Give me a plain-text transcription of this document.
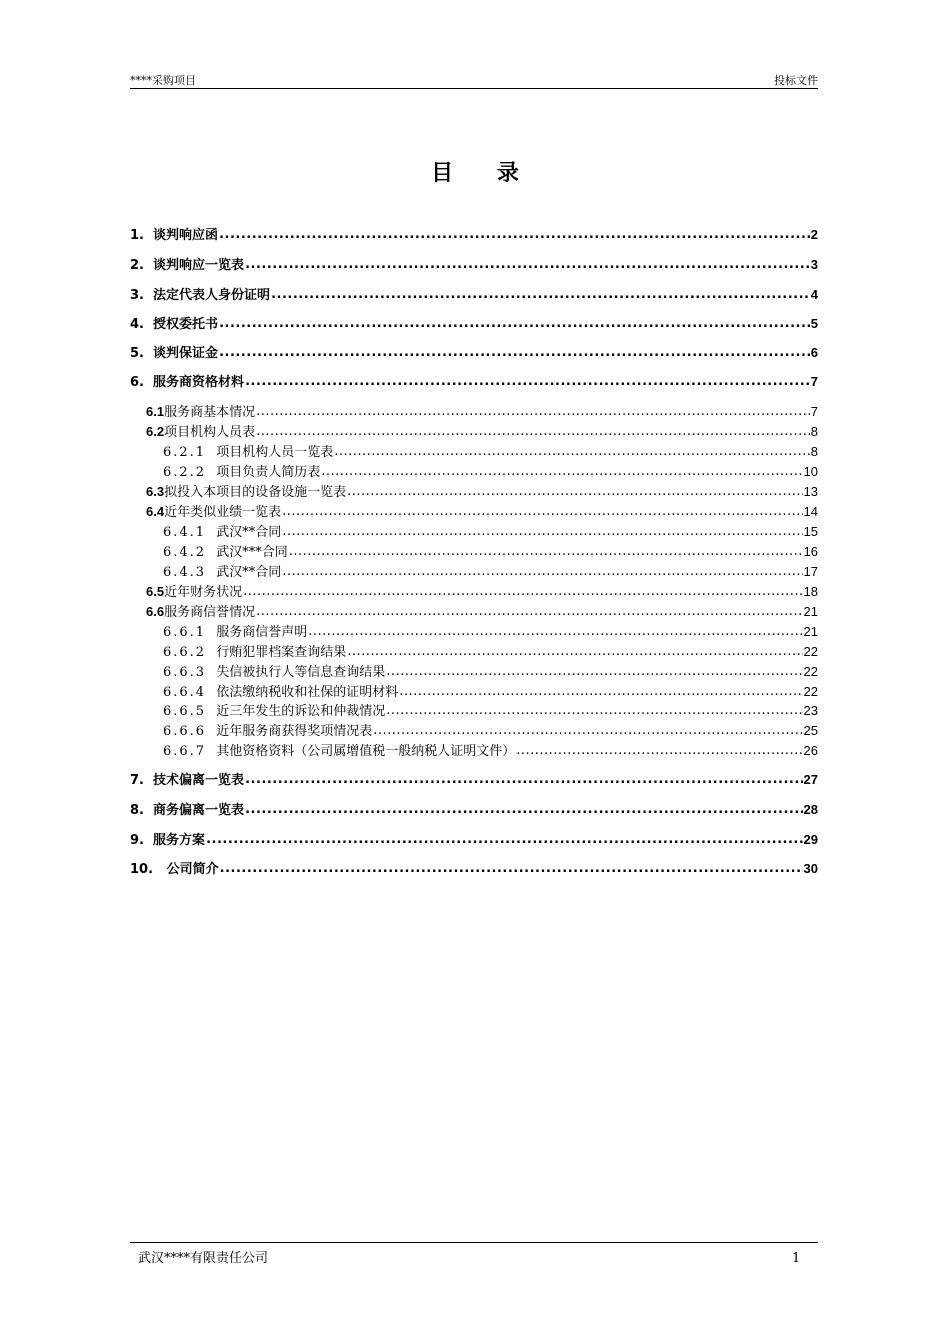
****采购项目	投标文件
目 录
1. 谈判响应函 .....	2
2. 谈判响应一览表 .....	3
3. 法定代表人身份证明 .....	4
4. 授权委托书 .....	5
5. 谈判保证金 .....	6
6. 服务商资格材料 .....	7
6.1服务商基本情况 .....	7
6.2项目机构人员表 .....	8
6.2.1 项目机构人员一览表 .....	8
6.2.2 项目负责人简历表 .....	10
6.3拟投入本项目的设备设施一览表 .....	13
6.4近年类似业绩一览表 .....	14
6.4.1 武汉**合同 .....	15
6.4.2 武汉***合同 .....	16
6.4.3 武汉**合同 .....	17
6.5近年财务状况 .....	18
6.6服务商信誉情况 .....	21
6.6.1 服务商信誉声明 .....	21
6.6.2 行贿犯罪档案查询结果 .....	22
6.6.3 失信被执行人等信息查询结果 .....	22
6.6.4 依法缴纳税收和社保的证明材料 .....	22
6.6.5 近三年发生的诉讼和仲裁情况 .....	23
6.6.6 近年服务商获得奖项情况表 .....	25
6.6.7 其他资格资料（公司属增值税一般纳税人证明文件） .....	26
7. 技术偏离一览表 .....	27
8. 商务偏离一览表 .....	28
9. 服务方案 .....	29
10. 公司简介 .....	30
武汉****有限责任公司	1
